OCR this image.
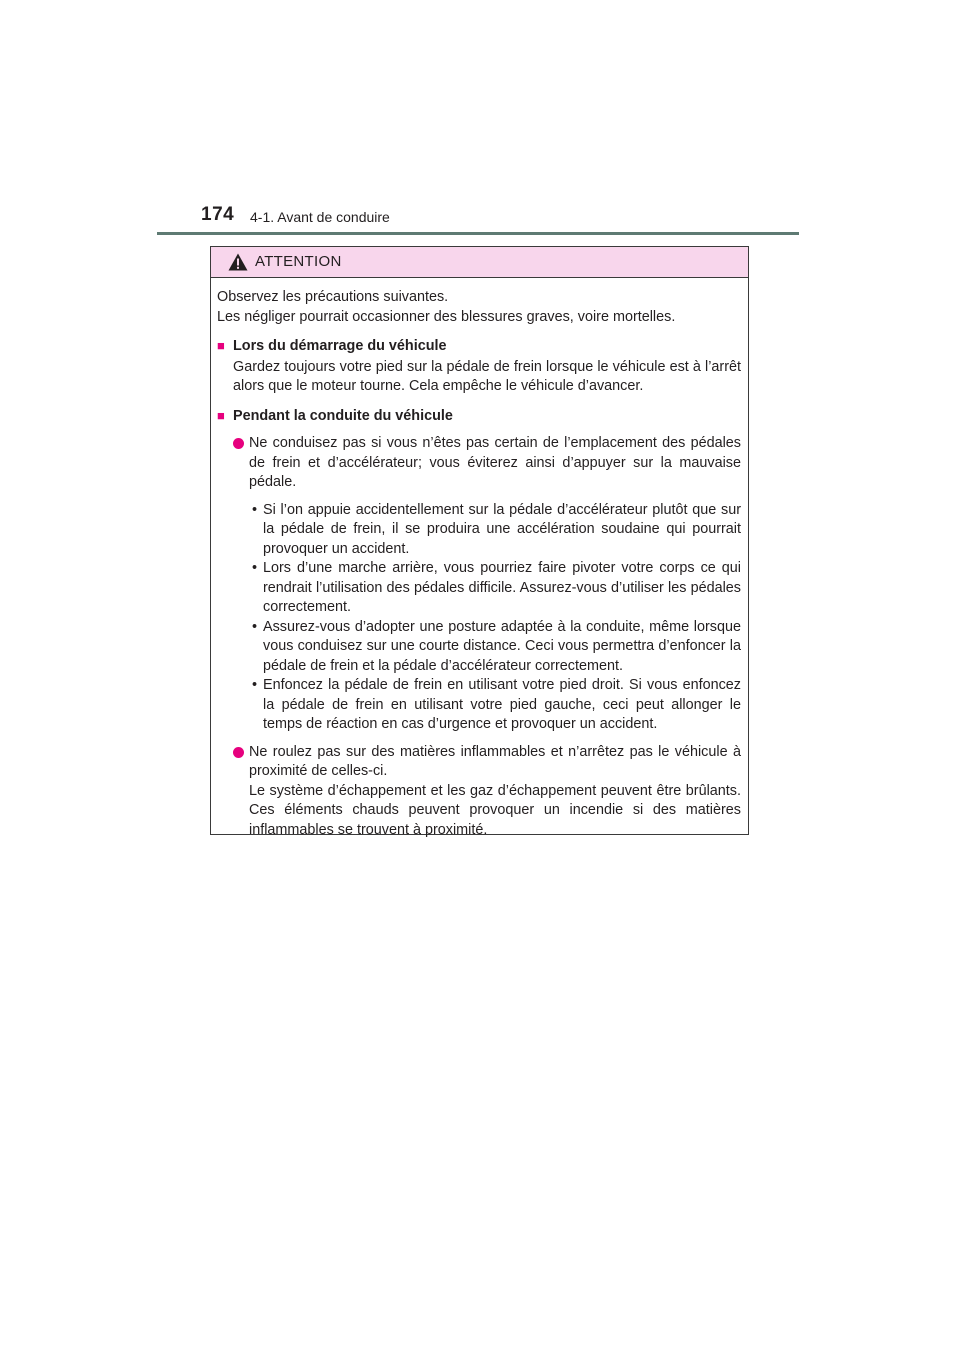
174 4-1. Avant de conduire
ATTENTION

Observez les précautions suivantes.

Les négliger pourrait occasionner des blessures graves, voire mortelles.

■ Lors du démarrage du véhicule

Gardez toujours votre pied sur la pédale de frein lorsque le véhicule est à l’arrêt alors que le moteur tourne. Cela empêche le véhicule d’avancer.

■ Pendant la conduite du véhicule

Ne conduisez pas si vous n’êtes pas certain de l’emplacement des pédales de frein et d’accélérateur; vous éviterez ainsi d’appuyer sur la mauvaise pédale.

• Si l’on appuie accidentellement sur la pédale d’accélérateur plutôt que sur la pédale de frein, il se produira une accélération soudaine qui pourrait provoquer un accident.
• Lors d’une marche arrière, vous pourriez faire pivoter votre corps ce qui rendrait l’utilisation des pédales difficile. Assurez-vous d’utiliser les pédales correctement.
• Assurez-vous d’adopter une posture adaptée à la conduite, même lorsque vous conduisez sur une courte distance. Ceci vous permettra d’enfoncer la pédale de frein et la pédale d’accélérateur correctement.
• Enfoncez la pédale de frein en utilisant votre pied droit. Si vous enfoncez la pédale de frein en utilisant votre pied gauche, ceci peut allonger le temps de réaction en cas d’urgence et provoquer un accident.

Ne roulez pas sur des matières inflammables et n’arrêtez pas le véhicule à proximité de celles-ci.

Le système d’échappement et les gaz d’échappement peuvent être brûlants. Ces éléments chauds peuvent provoquer un incendie si des matières inflammables se trouvent à proximité.
